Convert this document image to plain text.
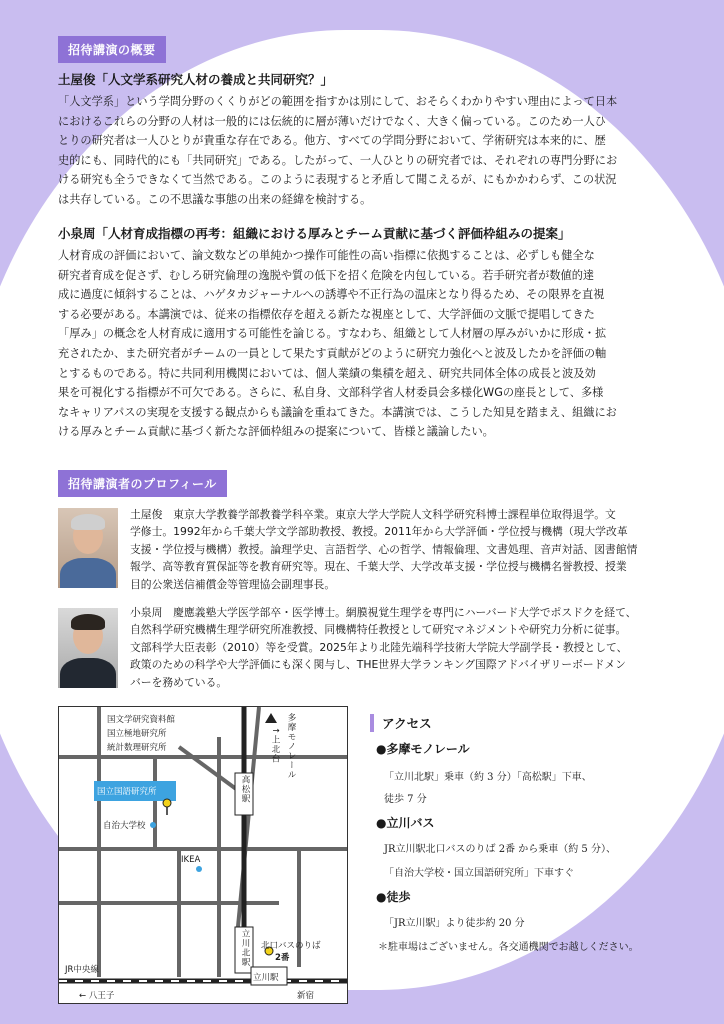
招待講演の概要
土屋俊「人文学系研究人材の養成と共同研究？」
「人文学系」という学問分野のくくりがどの範囲を指すかは別にして、おそらくわかりやすい理由によって日本
におけるこれらの分野の人材は一般的には伝統的に層が薄いだけでなく、大きく偏っている。このため一人ひ
とりの研究者は一人ひとりが貴重な存在である。他方、すべての学問分野において、学術研究は本来的に、歴
史的にも、同時代的にも「共同研究」である。したがって、一人ひとりの研究者では、それぞれの専門分野にお
ける研究も全うできなくて当然である。このように表現すると矛盾して聞こえるが、にもかかわらず、この状況
は共存している。この不思議な事態の出来の経緯を検討する。
小泉周「人材育成指標の再考：組織における厚みとチーム貢献に基づく評価枠組みの提案」
人材育成の評価において、論文数などの単純かつ操作可能性の高い指標に依拠することは、必ずしも健全な
研究者育成を促さず、むしろ研究倫理の逸脱や質の低下を招く危険を内包している。若手研究者が数値的達
成に過度に傾斜することは、ハゲタカジャーナルへの誘導や不正行為の温床となり得るため、その限界を直視
する必要がある。本講演では、従来の指標依存を超える新たな視座として、大学評価の文脈で提唱してきた
「厚み」の概念を人材育成に適用する可能性を論じる。すなわち、組織として人材層の厚みがいかに形成・拡
充されたか、また研究者がチームの一員として果たす貢献がどのように研究力強化へと波及したかを評価の軸
とするものである。特に共同利用機関においては、個人業績の集積を超え、研究共同体全体の成長と波及効
果を可視化する指標が不可欠である。さらに、私自身、文部科学省人材委員会多様化WGの座長として、多様
なキャリアパスの実現を支援する観点からも議論を重ねてきた。本講演では、こうした知見を踏まえ、組織にお
ける厚みとチーム貢献に基づく新たな評価枠組みの提案について、皆様と議論したい。
招待講演者のプロフィール
土屋俊　東京大学教養学部教養学科卒業。東京大学大学院人文科学研究科博士課程単位取得退学。文
学修士。1992年から千葉大学文学部助教授、教授。2011年から大学評価・学位授与機構（現大学改革
支援・学位授与機構）教授。論理学史、言語哲学、心の哲学、情報倫理、文書処理、音声対話、図書館情
報学、高等教育質保証等を教育研究等。現在、千葉大学、大学改革支援・学位授与機構名誉教授、授業
目的公衆送信補償金等管理協会副理事長。
小泉周　慶應義塾大学医学部卒・医学博士。網膜視覚生理学を専門にハーバード大学でポスドクを経て、
自然科学研究機構生理学研究所准教授、同機構特任教授として研究マネジメントや研究力分析に従事。
文部科学大臣表彰（2010）等を受賞。2025年より北陸先端科学技術大学院大学副学長・教授として、
政策のための科学や大学評価にも深く関与し、THE世界大学ランキング国際アドバイザリーボードメン
バーを務めている。
国文学研究資料館
国立極地研究所
統計数理研究所
国立国語研究所
自治大学校
IKEA
JR中央線
← 八王子	新宿
立川駅
北口バスのりば
2番
多摩モノレール
↑上北台
高松駅
立川北駅
アクセス
●多摩モノレール
「立川北駅」乗車（約 3 分）「高松駅」下車、
徒歩 7 分
●立川バス
JR立川駅北口バスのりば 2番 から乗車（約 5 分）、
「自治大学校・国立国語研究所」下車すぐ
●徒歩
「JR立川駅」より徒歩約 20 分
＊駐車場はございません。各交通機関でお越しください。
